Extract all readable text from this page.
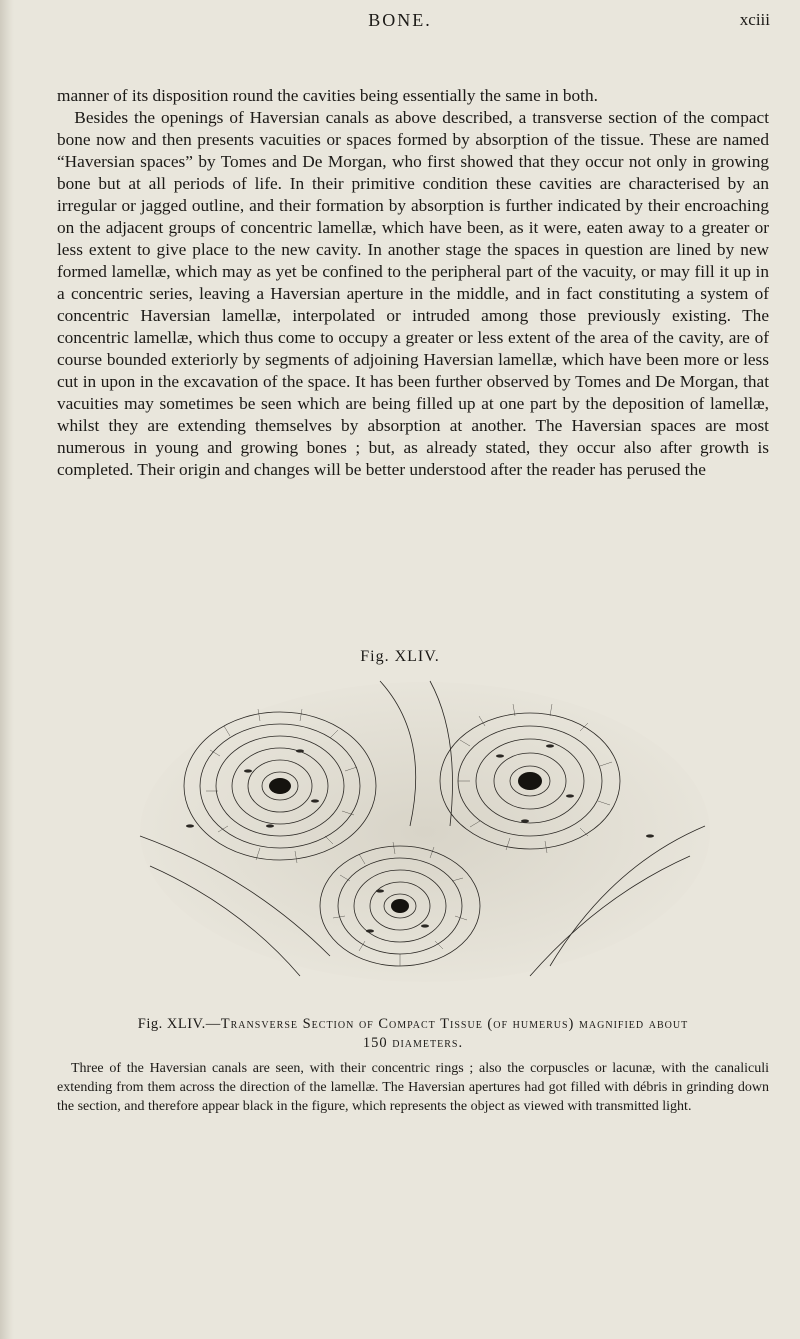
BONE.	xciii

manner of its disposition round the cavities being essentially the same in both.

Besides the openings of Haversian canals as above described, a transverse section of the compact bone now and then presents vacuities or spaces formed by absorption of the tissue. These are named “Haversian spaces” by Tomes and De Morgan, who first showed that they occur not only in growing bone but at all periods of life. In their primitive condition these cavities are characterised by an irregular or jagged outline, and their formation by absorption is further indicated by their encroaching on the adjacent groups of concentric lamellæ, which have been, as it were, eaten away to a greater or less extent to give place to the new cavity. In another stage the spaces in question are lined by new formed lamellæ, which may as yet be confined to the peripheral part of the vacuity, or may fill it up in a concentric series, leaving a Haversian aperture in the middle, and in fact constituting a system of concentric Haversian lamellæ, interpolated or intruded among those previously existing. The concentric lamellæ, which thus come to occupy a greater or less extent of the area of the cavity, are of course bounded exteriorly by segments of adjoining Haversian lamellæ, which have been more or less cut in upon in the excavation of the space. It has been further observed by Tomes and De Morgan, that vacuities may sometimes be seen which are being filled up at one part by the deposition of lamellæ, whilst they are extending themselves by absorption at another. The Haversian spaces are most numerous in young and growing bones ; but, as already stated, they occur also after growth is completed. Their origin and changes will be better understood after the reader has perused the

Fig. XLIV.

Fig. XLIV.—Transverse Section of Compact Tissue (of humerus) magnified about
150 diameters.

Three of the Haversian canals are seen, with their concentric rings ; also the corpuscles or lacunæ, with the canaliculi extending from them across the direction of the lamellæ. The Haversian apertures had got filled with débris in grinding down the section, and therefore appear black in the figure, which represents the object as viewed with transmitted light.
